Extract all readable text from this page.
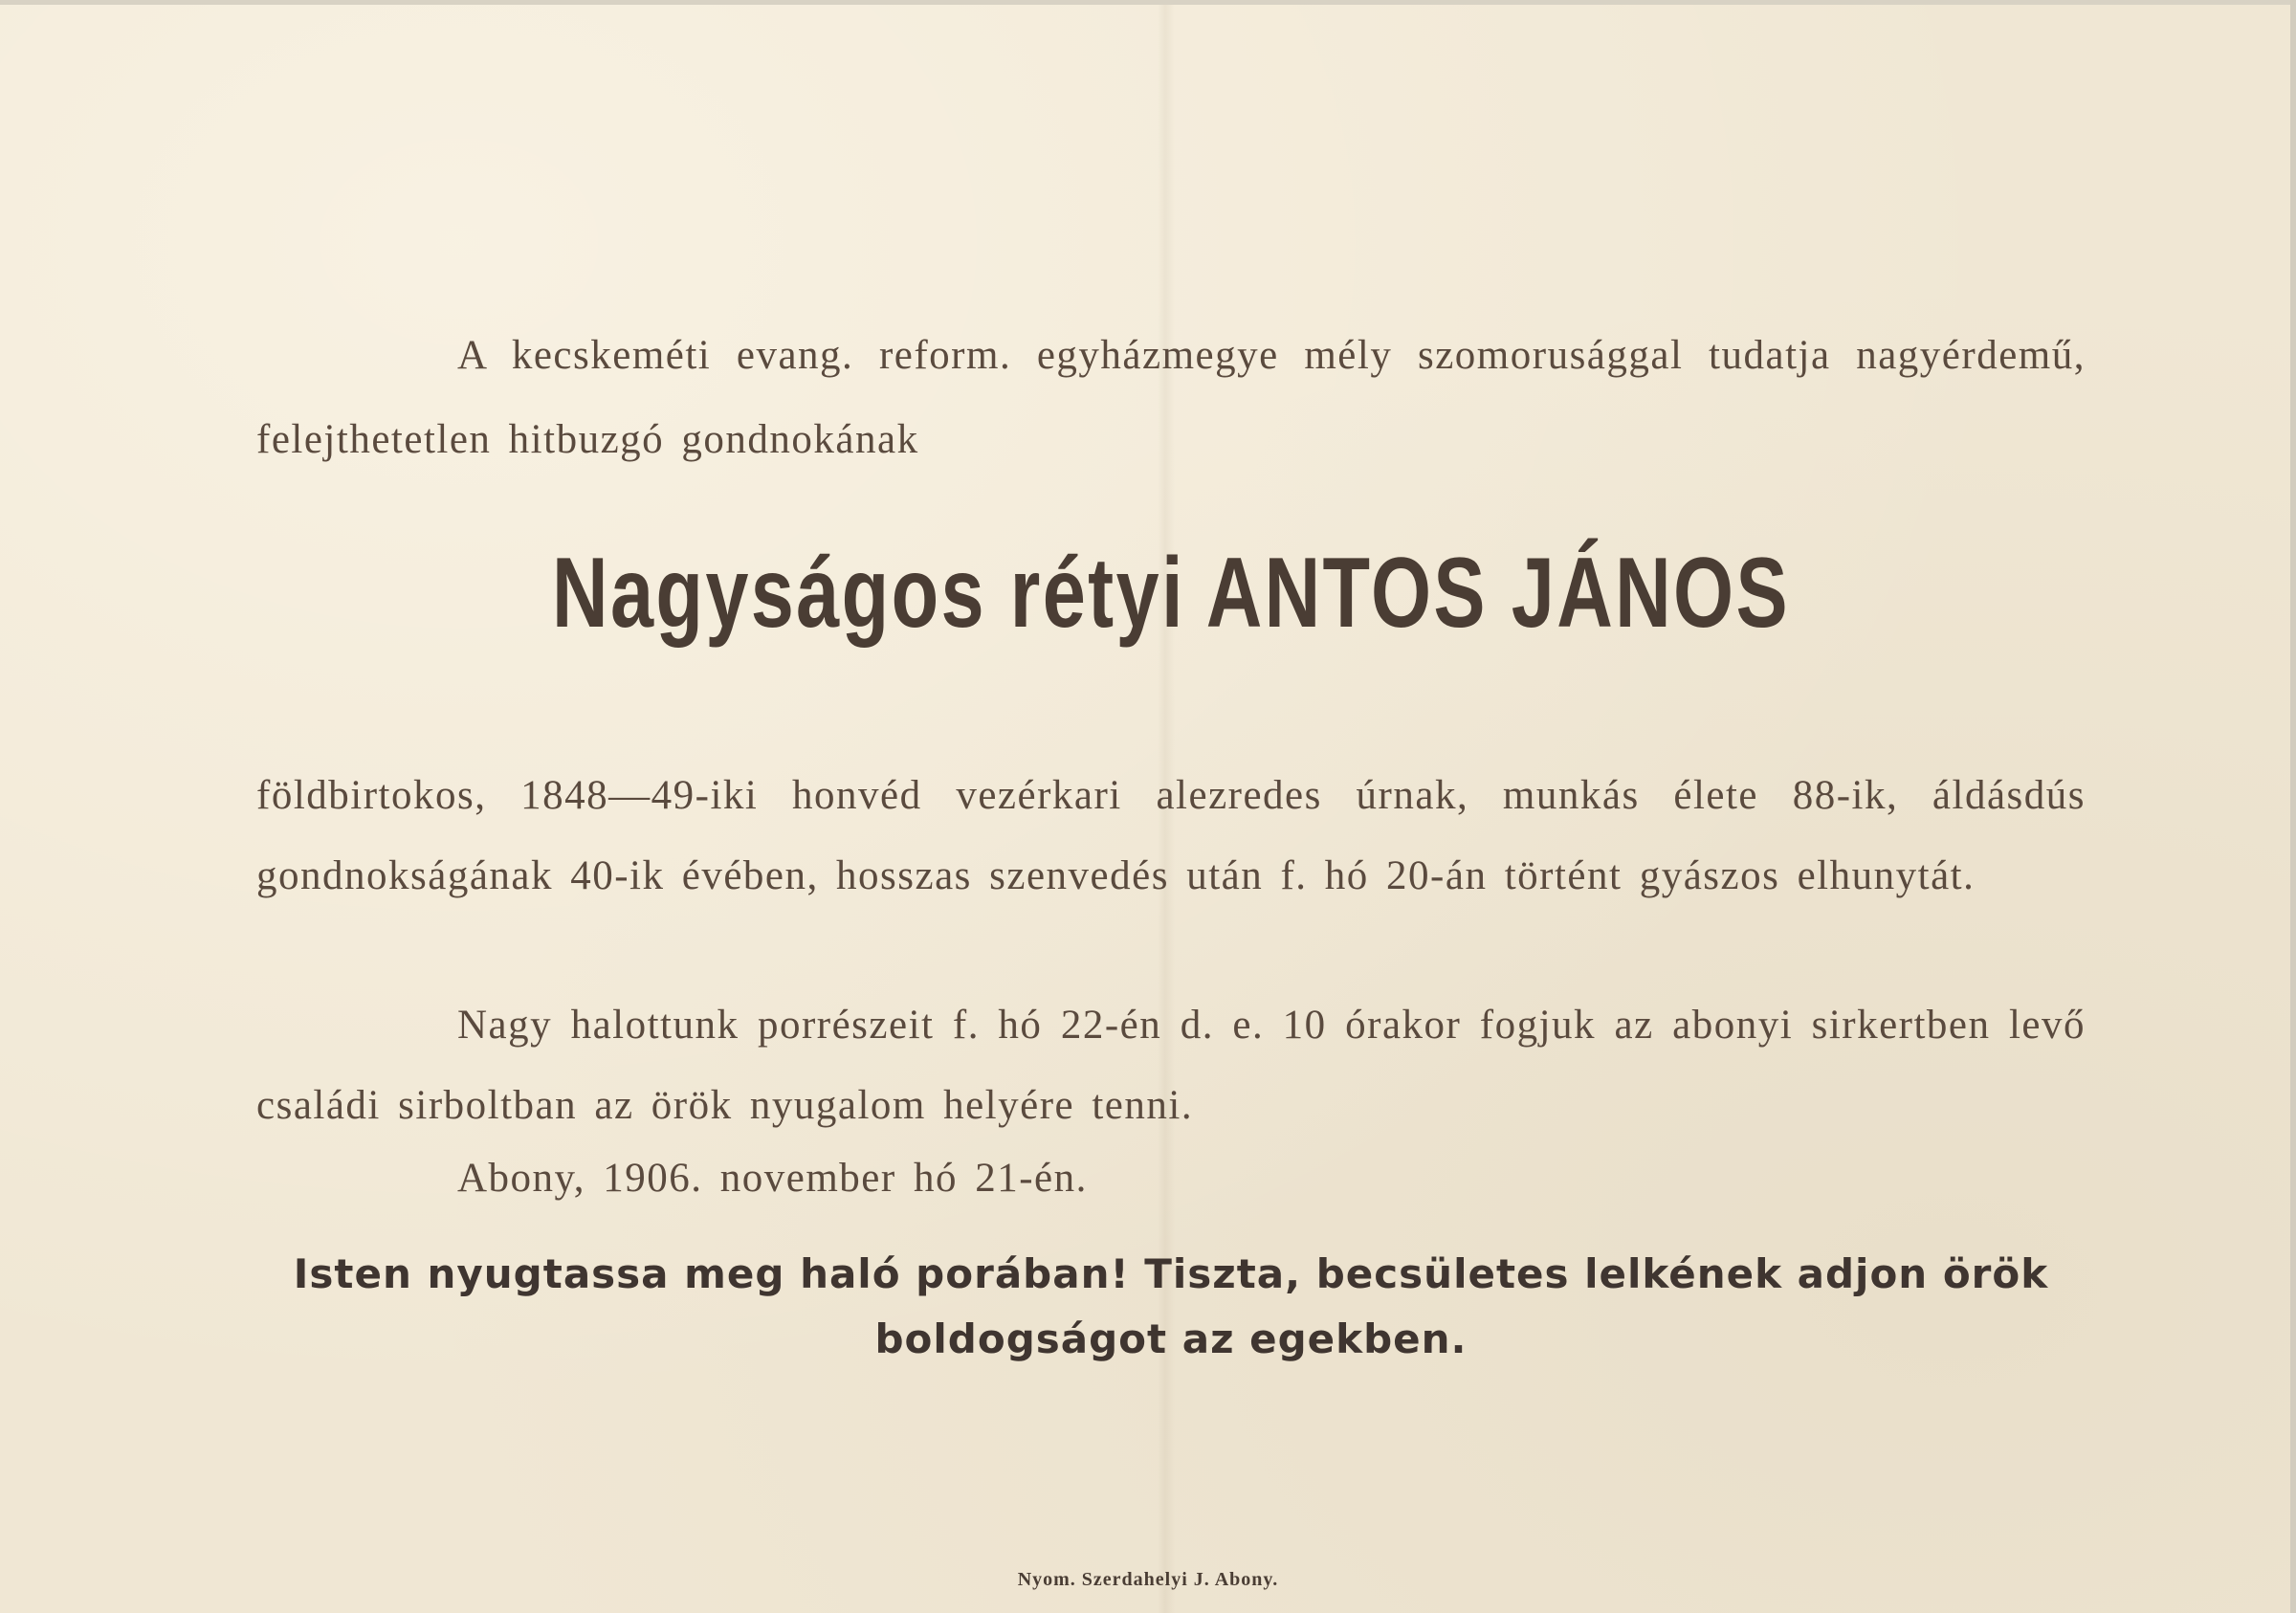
A kecskeméti evang. reform. egyházmegye mély szomorusággal tudatja nagyérdemű, felejthetetlen hitbuzgó gondnokának

Nagyságos rétyi ANTOS JÁNOS

földbirtokos, 1848—49-iki honvéd vezérkari alezredes úrnak, munkás élete 88-ik, áldásdús gondnokságának 40-ik évében, hosszas szenvedés után f. hó 20-án történt gyászos elhunytát.

Nagy halottunk porrészeit f. hó 22-én d. e. 10 órakor fogjuk az abonyi sirkertben levő családi sirboltban az örök nyugalom helyére tenni.

Abony, 1906. november hó 21-én.

Isten nyugtassa meg haló porában! Tiszta, becsületes lelkének adjon örök
boldogságot az egekben.
Nyom. Szerdahelyi J. Abony.
